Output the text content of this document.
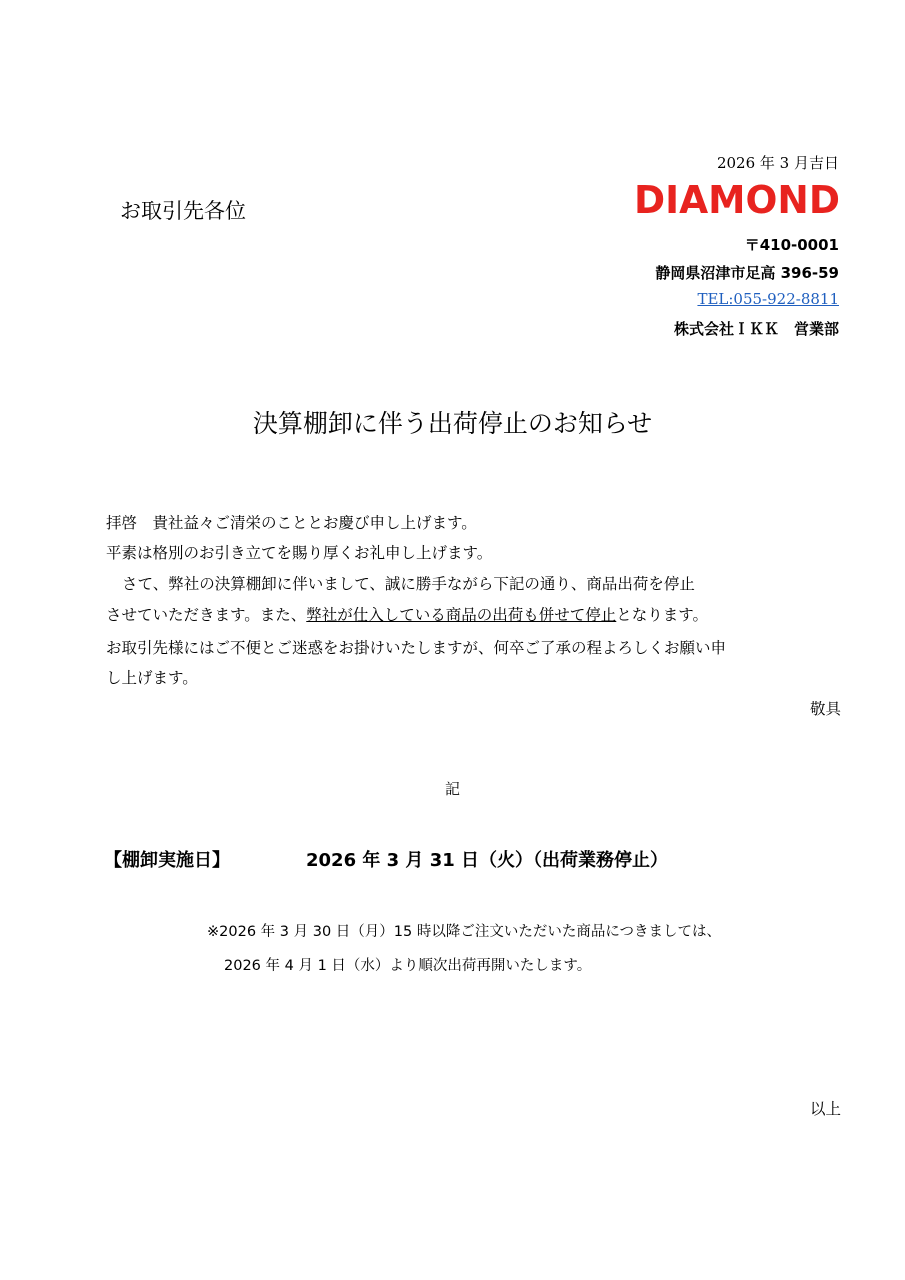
2026 年 3 月吉日
お取引先各位	DIAMOND
〒410-0001
静岡県沼津市足高 396-59
TEL:055-922-8811
株式会社ＩＫＫ　営業部
決算棚卸に伴う出荷停止のお知らせ
拝啓　貴社益々ご清栄のこととお慶び申し上げます。
平素は格別のお引き立てを賜り厚くお礼申し上げます。
さて、弊社の決算棚卸に伴いまして、誠に勝手ながら下記の通り、商品出荷を停止
させていただきます。また、弊社が仕入している商品の出荷も併せて停止となります。
お取引先様にはご不便とご迷惑をお掛けいたしますが、何卒ご了承の程よろしくお願い申
し上げます。
敬具
記
【棚卸実施日】	2026 年 3 月 31 日（火）（出荷業務停止）
※2026 年 3 月 30 日（月）15 時以降ご注文いただいた商品につきましては、
2026 年 4 月 1 日（水）より順次出荷再開いたします。
以上
